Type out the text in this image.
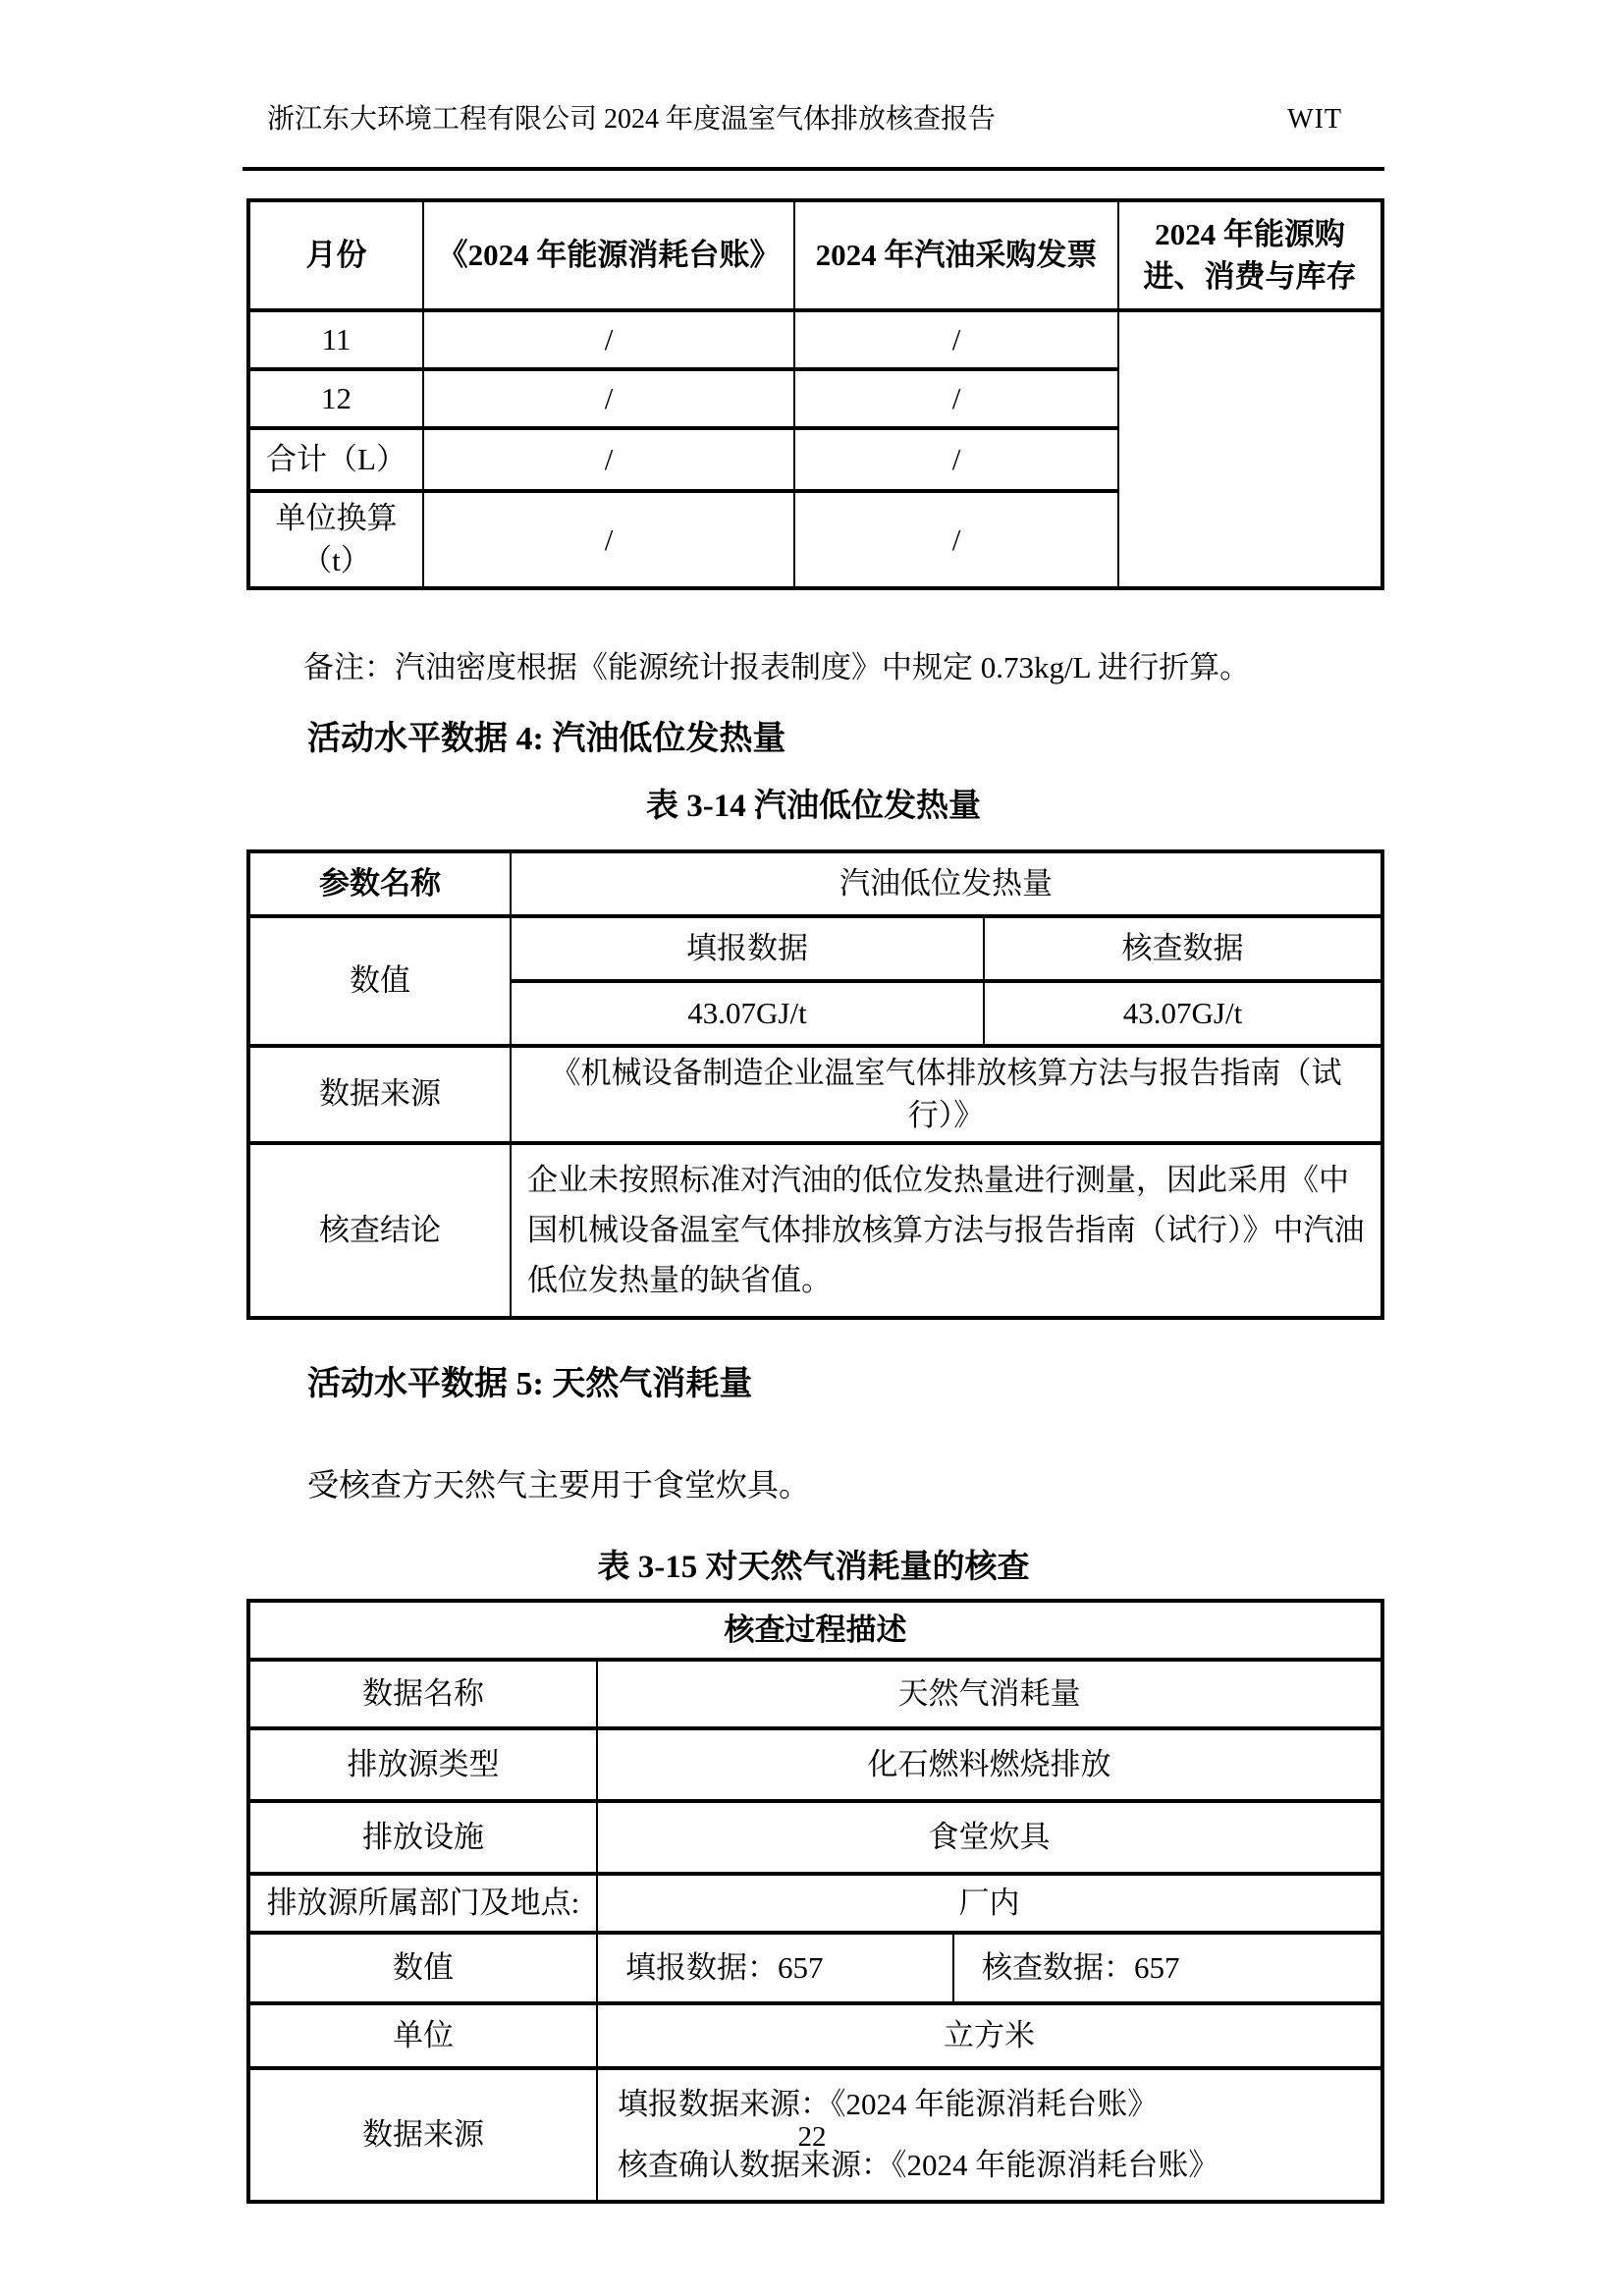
浙江东大环境工程有限公司 2024 年度温室气体排放核查报告	WIT
月份	《2024 年能源消耗台账》	2024 年汽油采购发票	2024 年能源购进、消费与库存
11	/	/	
12	/	/	
合计（L）	/	/	
单位换算（t）	/	/	

备注：汽油密度根据《能源统计报表制度》中规定 0.73kg/L 进行折算。

活动水平数据 4: 汽油低位发热量

表 3-14 汽油低位发热量

参数名称	汽油低位发热量	
数值	填报数据	核查数据
	43.07GJ/t	43.07GJ/t
数据来源	《机械设备制造企业温室气体排放核算方法与报告指南（试行）》	
核查结论	企业未按照标准对汽油的低位发热量进行测量，因此采用《中国机械设备温室气体排放核算方法与报告指南（试行）》中汽油低位发热量的缺省值。	
活动水平数据 5: 天然气消耗量

受核查方天然气主要用于食堂炊具。

表 3-15 对天然气消耗量的核查

核查过程描述		
数据名称	天然气消耗量	
排放源类型	化石燃料燃烧排放	
排放设施	食堂炊具	
排放源所属部门及地点:	厂内	
数值	填报数据：657	核查数据：657
单位	立方米	
数据来源	填报数据来源：《2024 年能源消耗台账》
核查确认数据来源：《2024 年能源消耗台账》	
22
